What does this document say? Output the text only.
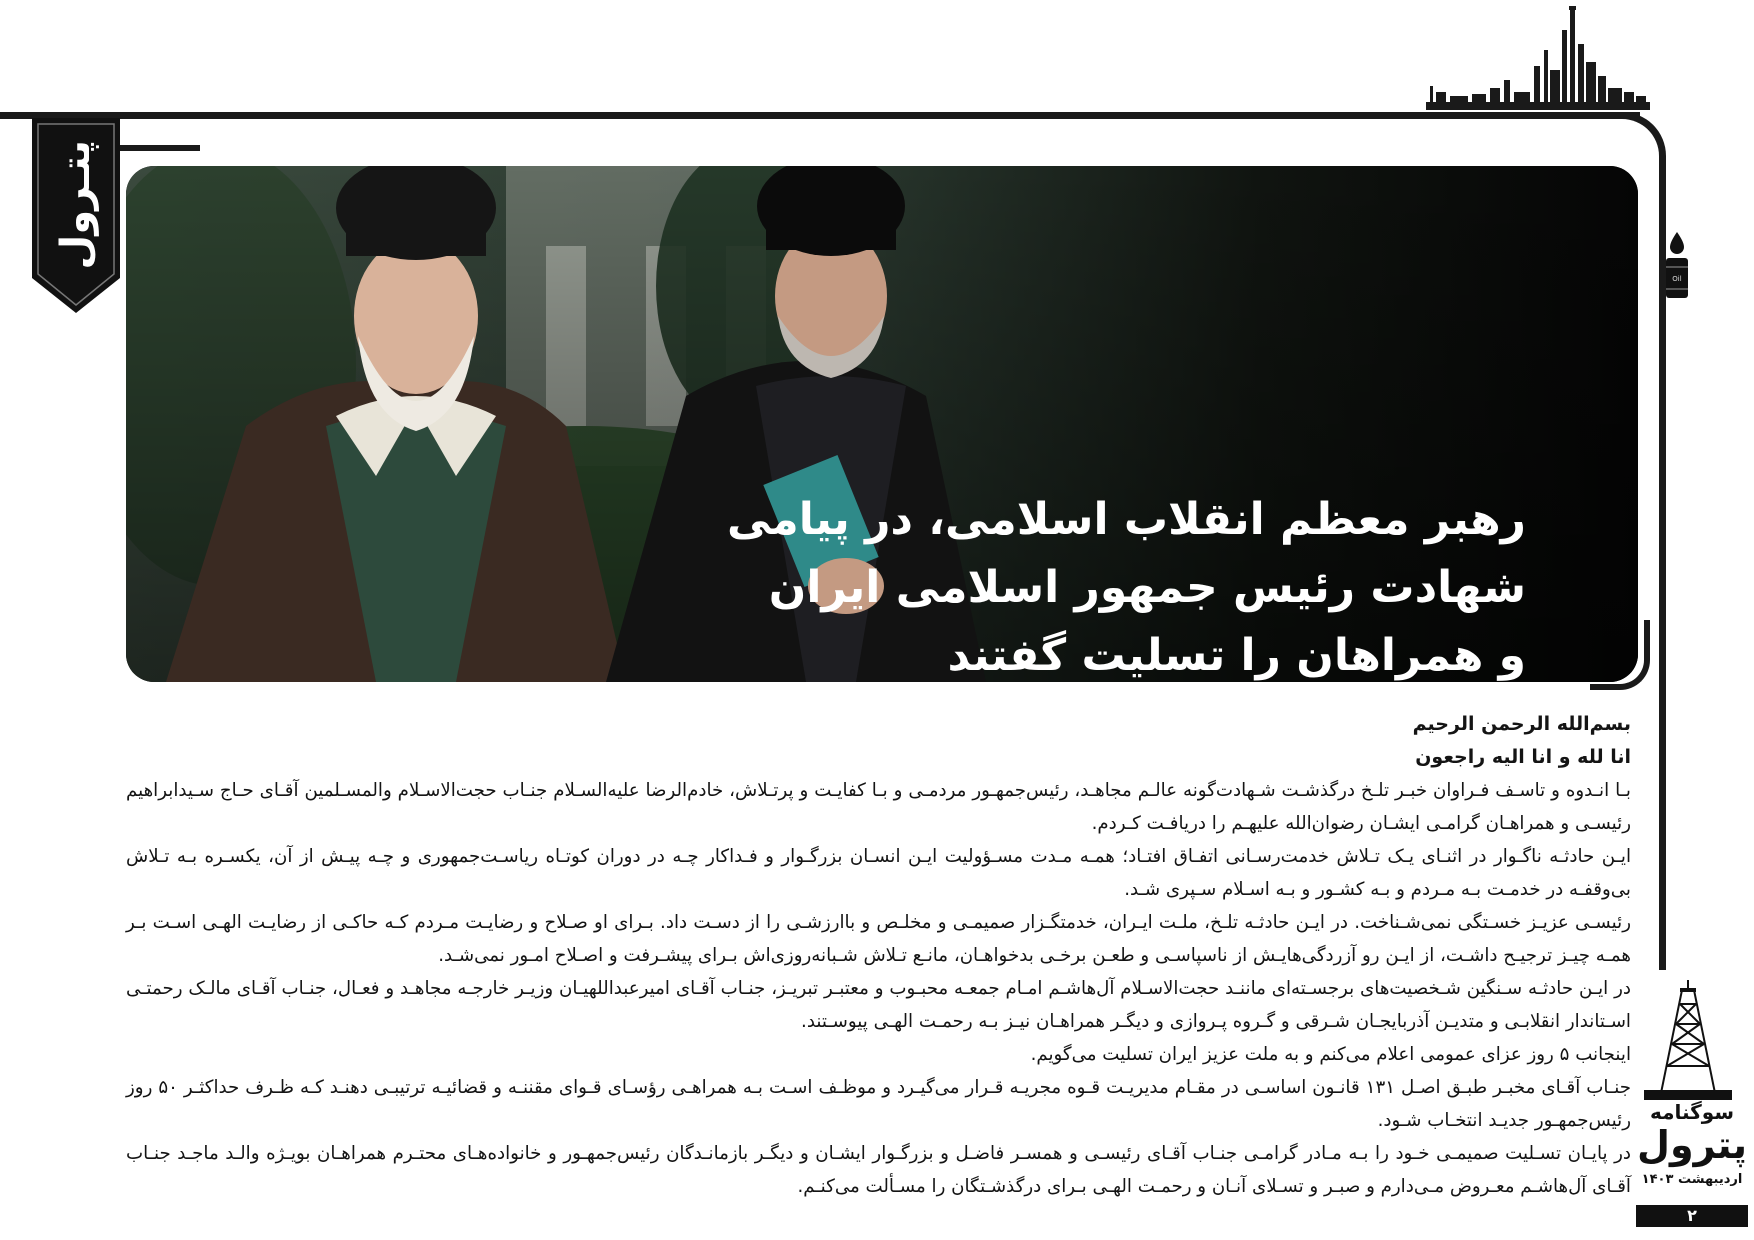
پتـرول
رهبر معظم انقلاب اسلامی، در پیامی
شهادت رئیس جمهور اسلامی ایران
و همراهان را تسلیت گفتند
Oil
بسم‌الله الرحمن الرحیم
انا لله و انا الیه راجعون

بـا انـدوه و تاسـف فـراوان خبـر تلـخ درگذشـت شـهادت‌گونه عالـم مجاهـد، رئیس‌جمهـور مردمـی و بـا کفایـت و پرتـلاش، خادم‌الرضا علیه‌السـلام جنـاب حجت‌الاسـلام والمسـلمین آقـای حـاج سـیدابراهیم رئیسـی و همراهـان گرامـی ایشـان رضوان‌الله علیهـم را دریافـت کـردم.

ایـن حادثـه ناگـوار در اثنـای یـک تـلاش خدمت‌رسـانی اتفـاق افتـاد؛ همـه مـدت مسـؤولیت ایـن انسـان بزرگـوار و فـداکار چـه در دوران کوتـاه ریاسـت‌جمهوری و چـه پیـش از آن، یکسـره بـه تـلاش بی‌وقفـه در خدمـت بـه مـردم و بـه کشـور و بـه اسـلام سـپری شـد.

رئیسـی عزیـز خسـتگی نمی‌شـناخت. در ایـن حادثـه تلـخ، ملـت ایـران، خدمتگـزار صمیمـی و مخلـص و باارزشـی را از دسـت داد. بـرای او صـلاح و رضایـت مـردم کـه حاکـی از رضایـت الهـی اسـت بـر همـه چیـز ترجیـح داشـت، از ایـن رو آزردگی‌هایـش از ناسپاسـی و طعـن برخـی بدخواهـان، مانـع تـلاش شـبانه‌روزی‌اش بـرای پیشـرفت و اصـلاح امـور نمی‌شـد.

در ایـن حادثـه سـنگین شـخصیت‌های برجسـته‌ای ماننـد حجت‌الاسـلام آل‌هاشـم امـام جمعـه محبـوب و معتبـر تبریـز، جنـاب آقـای امیرعبداللهیـان وزیـر خارجـه مجاهـد و فعـال، جنـاب آقـای مالـک رحمتـی اسـتاندار انقلابـی و متدیـن آذربایجـان شـرقی و گـروه پـروازی و دیگـر همراهـان نیـز بـه رحمـت الهـی پیوسـتند.

اینجانب ۵ روز عزای عمومی اعلام می‌کنم و به ملت عزیز ایران تسلیت می‌گویم.

جنـاب آقـای مخبـر طبـق اصـل ۱۳۱ قانـون اساسـی در مقـام مدیریـت قـوه مجریـه قـرار می‌گیـرد و موظـف اسـت بـه همراهـی رؤسـای قـوای مقننـه و قضائیـه ترتیبـی دهنـد کـه ظـرف حداکثـر ۵۰ روز رئیس‌جمهـور جدیـد انتخـاب شـود.

در پایـان تسـلیت صمیمـی خـود را بـه مـادر گرامـی جنـاب آقـای رئیسـی و همسـر فاضـل و بزرگـوار ایشـان و دیگـر بازمانـدگان رئیس‌جمهـور و خانواده‌هـای محتـرم همراهـان بویـژه والـد ماجـد جنـاب آقـای آل‌هاشـم معـروض مـی‌دارم و صبـر و تسـلای آنـان و رحمـت الهـی بـرای درگذشـتگان را مسـألت می‌کنـم.

سوگنامه
پترول
اردیبهشت ۱۴۰۳
۲
